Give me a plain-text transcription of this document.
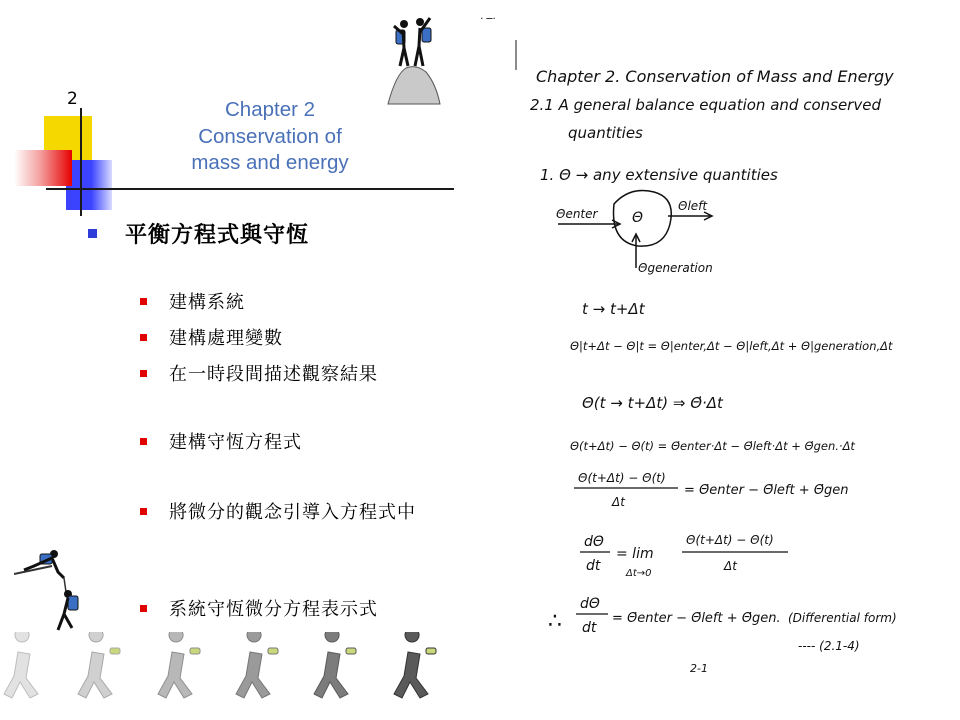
2	Chapter 2
Conservation of
mass and energy
平衡方程式與守恆
建構系統
建構處理變數
在一時段間描述觀察結果
建構守恆方程式
將微分的觀念引導入方程式中
系統守恆微分方程表示式
· ─·
Chapter 2. Conservation of Mass and Energy
2.1 A general balance equation and conserved
quantities
1. Θ → any extensive quantities
Θenter Θ
Θleft
Θgeneration
t → t+Δt
Θ|t+Δt − Θ|t = Θ|enter,Δt − Θ|left,Δt + Θ|generation,Δt
Θ(t → t+Δt) ⇒ Θ̇·Δt
Θ(t+Δt) − Θ(t) = Θ̇enter·Δt − Θ̇left·Δt + Θ̇gen.·Δt
Θ(t+Δt) − Θ(t)
Δt
= Θ̇enter − Θ̇left + Θ̇gen
dΘ
dt
= lim
Δt→0
Θ(t+Δt) − Θ(t)
Δt
∴
dΘ
dt
= Θ̇enter − Θ̇left + Θ̇gen. (Differential form)
---- (2.1-4)
2-1
